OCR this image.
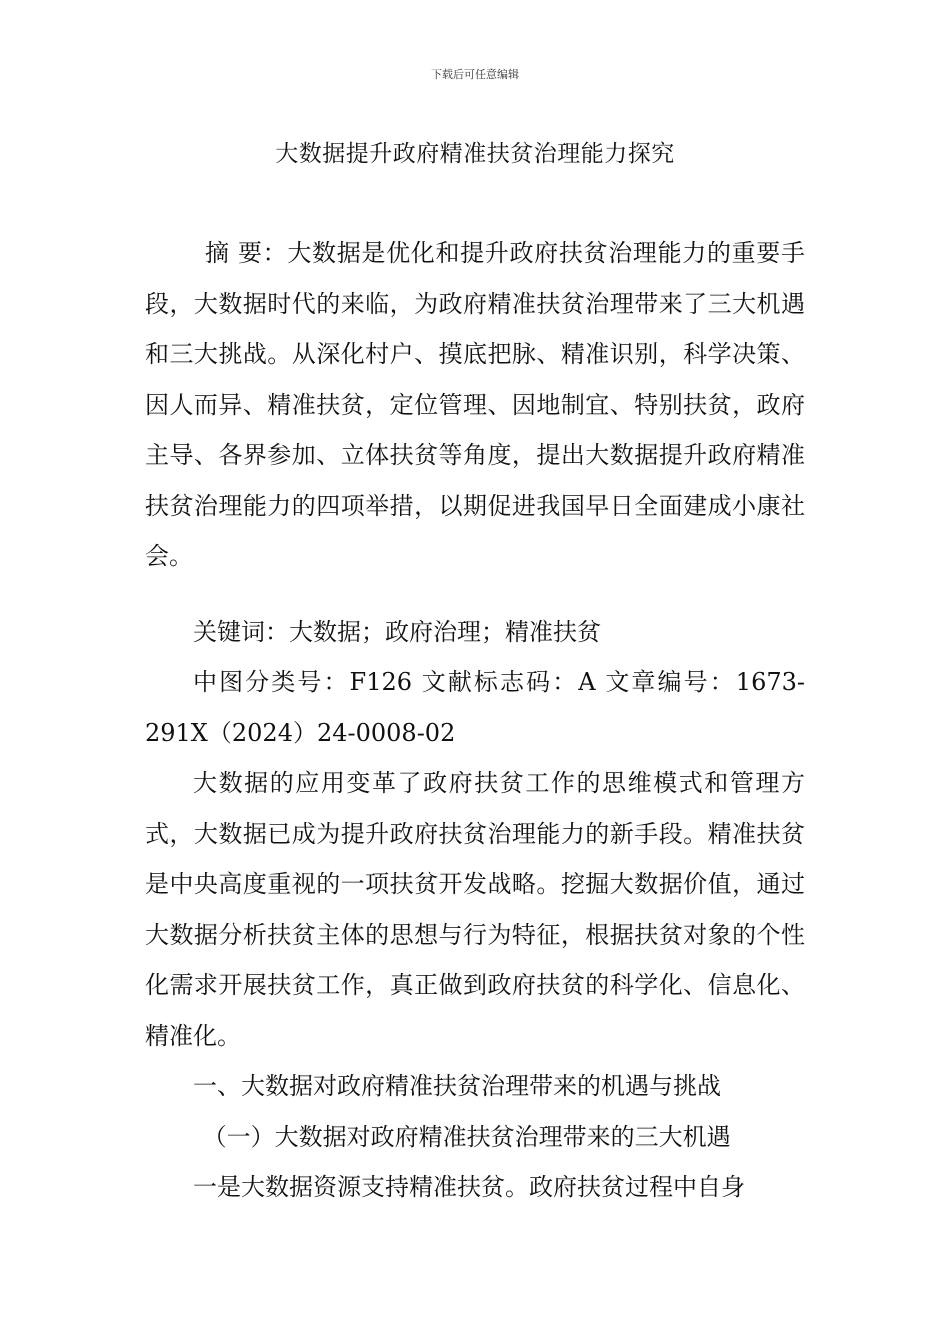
下载后可任意编辑
大数据提升政府精准扶贫治理能力探究

摘 要：大数据是优化和提升政府扶贫治理能力的重要手段，大数据时代的来临，为政府精准扶贫治理带来了三大机遇和三大挑战。从深化村户、摸底把脉、精准识别，科学决策、因人而异、精准扶贫，定位管理、因地制宜、特别扶贫，政府主导、各界参加、立体扶贫等角度，提出大数据提升政府精准扶贫治理能力的四项举措，以期促进我国早日全面建成小康社会。

关键词：大数据；政府治理；精准扶贫

中图分类号：F126 文献标志码：A 文章编号：1673-291X（2024）24-0008-02

大数据的应用变革了政府扶贫工作的思维模式和管理方式，大数据已成为提升政府扶贫治理能力的新手段。精准扶贫是中央高度重视的一项扶贫开发战略。挖掘大数据价值，通过大数据分析扶贫主体的思想与行为特征，根据扶贫对象的个性化需求开展扶贫工作，真正做到政府扶贫的科学化、信息化、精准化。

一、大数据对政府精准扶贫治理带来的机遇与挑战

（一）大数据对政府精准扶贫治理带来的三大机遇

一是大数据资源支持精准扶贫。政府扶贫过程中自身
